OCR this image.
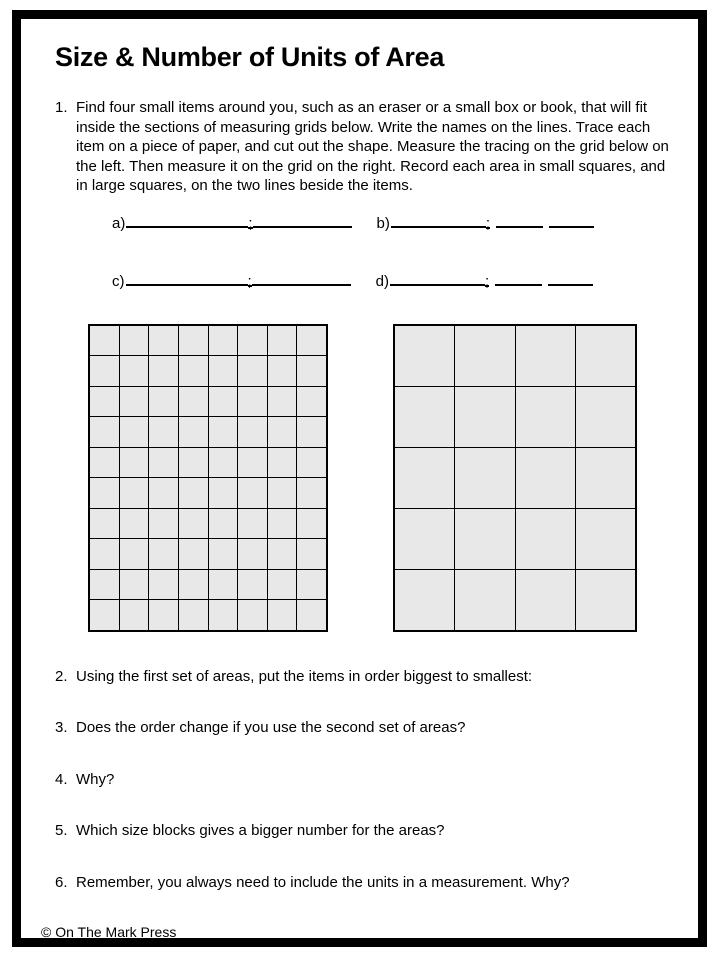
Size & Number of Units of Area
1. Find four small items around you, such as an eraser or a small box or book, that will fit inside the sections of measuring grids below. Write the names on the lines. Trace each item on a piece of paper, and cut out the shape. Measure the tracing on the grid below on the left. Then measure it on the grid on the right. Record each area in small squares, and in large squares, on the two lines beside the items.
a)	;	b)	;
c)	;	d)	;
2. Using the first set of areas, put the items in order biggest to smallest:
3. Does the order change if you use the second set of areas?
4. Why?
5. Which size blocks gives a bigger number for the areas?
6. Remember, you always need to include the units in a measurement. Why?
© On The Mark Press
